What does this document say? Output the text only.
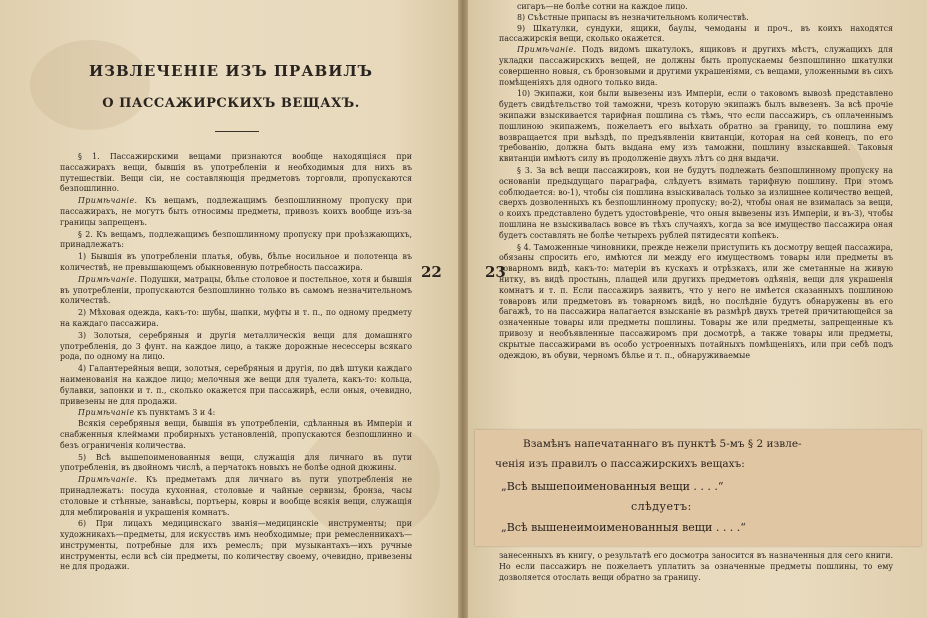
ИЗВЛЕЧЕНІЕ ИЗЪ ПРАВИЛЪ
О ПАССАЖИРСКИХЪ ВЕЩАХЪ.

§ 1. Пассажирскими вещами признаются вообще находящіяся при пассажирахъ вещи, бывшія въ употребленіи и необходимыя для нихъ въ путешествіи. Вещи сіи, не составляющія предметовъ торговли, пропускаются безпошлинно.

Примѣчаніе. Къ вещамъ, подлежащимъ безпошлинному пропуску при пассажирахъ, не могутъ быть относимы предметы, привозъ коихъ вообще изъ-за границы запрещенъ.

§ 2. Къ вещамъ, подлежащимъ безпошлинному пропуску при проѣзжающихъ, принадлежатъ:

1) Бывшія въ употребленіи платья, обувь, бѣлье носильное и полотенца въ количествѣ, не превышающемъ обыкновенную потребность пассажира.

Примѣчаніе. Подушки, матрацы, бѣлье столовое и постельное, хотя и бывшія въ употребленіи, пропускаются безпошлинно только въ самомъ незначительномъ количествѣ.

2) Мѣховая одежда, какъ-то: шубы, шапки, муфты и т. п., по одному предмету на каждаго пассажира.

3) Золотыя, серебряныя и другія металлическія вещи для домашняго употребленія, до 3 фунт. на каждое лицо, а также дорожные несессеры всякаго рода, по одному на лицо.

4) Галантерейныя вещи, золотыя, серебряныя и другія, по двѣ штуки каждаго наименованія на каждое лицо; мелочныя же вещи для туалета, какъ-то: кольца, булавки, запонки и т. п., сколько окажется при пассажирѣ, если оныя, очевидно, привезены не для продажи.

Примѣчаніе къ пунктамъ 3 и 4:

Всякія серебряныя вещи, бывшія въ употребленіи, сдѣланныя въ Имперіи и снабженныя клеймами пробирныхъ установленій, пропускаются безпошлинно и безъ ограниченія количества.

5) Всѣ вышепоименованныя вещи, служащія для личнаго въ пути употребленія, въ двойномъ числѣ, а перчатокъ новыхъ не болѣе одной дюжины.

Примѣчаніе. Къ предметамъ для личнаго въ пути употребленія не принадлежатъ: посуда кухонная, столовые и чайные сервизы, бронза, часы столовые и стѣнные, занавѣсы, портьеры, ковры и вообще всякія вещи, служащія для меблированія и украшенія комнатъ.

6) При лицахъ медицинскаго званія—медицинскіе инструменты; при художникахъ—предметы, для искусствъ имъ необходимые; при ремесленникахъ—инструменты, потребные для ихъ ремеслъ; при музыкантахъ—ихъ ручные инструменты, если всѣ сіи предметы, по количеству своему, очевидно, привезены не для продажи.

22	23

сигаръ—не болѣе сотни на каждое лицо.

8) Съѣстные припасы въ незначительномъ количествѣ.

9) Шкатулки, сундуки, ящики, баулы, чемоданы и проч., въ коихъ находятся пассажирскія вещи, сколько окажется.

Примѣчаніе. Подъ видомъ шкатулокъ, ящиковъ и другихъ мѣстъ, служащихъ для укладки пассажирскихъ вещей, не должны быть пропускаемы безпошлинно шкатулки совершенно новыя, съ бронзовыми и другими украшеніями, съ вещами, уложенными въ сихъ помѣщеніяхъ для одного только вида.

10) Экипажи, кои были вывезены изъ Имперіи, если о таковомъ вывозѣ представлено будетъ свидѣтельство той таможни, чрезъ которую экипажъ былъ вывезенъ. За всѣ прочіе экипажи взыскивается тарифная пошлина съ тѣмъ, что если пассажиръ, съ оплаченнымъ пошлиною экипажемъ, пожелаетъ его выѣхать обратно за границу, то пошлина ему возвращается при выѣздѣ, по предъявленіи квитанціи, которая на сей конецъ, по его требованію, должна быть выдана ему изъ таможни, пошлину взыскавшей. Таковыя квитанціи имѣютъ силу въ продолженіе двухъ лѣтъ со дня выдачи.

§ 3. За всѣ вещи пассажировъ, кои не будутъ подлежать безпошлинному пропуску на основаніи предыдущаго параграфа, слѣдуетъ взимать тарифную пошлину. При этомъ соблюдается: во-1), чтобы сія пошлина взыскивалась только за излишнее количество вещей, сверхъ дозволенныхъ къ безпошлинному пропуску; во-2), чтобы оная не взималась за вещи, о коихъ представлено будетъ удостовѣреніе, что оныя вывезены изъ Имперіи, и въ-3), чтобы пошлина не взыскивалась вовсе въ тѣхъ случаяхъ, когда за все имущество пассажира оная будетъ составлять не болѣе четырехъ рублей пятидесяти копѣекъ.

§ 4. Таможенные чиновники, прежде нежели приступить къ досмотру вещей пассажира, обязаны спросить его, имѣются ли между его имуществомъ товары или предметы въ товарномъ видѣ, какъ-то: матеріи въ кускахъ и отрѣзкахъ, или же сметанные на живую нитку, въ видѣ простынь, плащей или другихъ предметовъ одѣянія, вещи для украшенія комнатъ и т. п. Если пассажиръ заявитъ, что у него не имѣется сказанныхъ пошлиною товаровъ или предметовъ въ товарномъ видѣ, но послѣдніе будутъ обнаружены въ его багажѣ, то на пассажира налагается взысканіе въ размѣрѣ двухъ третей причитающейся за означенные товары или предметы пошлины. Товары же или предметы, запрещенные къ привозу и необъявленные пассажиромъ при досмотрѣ, а также товары или предметы, скрытые пассажирами въ особо устроенныхъ потайныхъ помѣщеніяхъ, или при себѣ подъ одеждою, въ обуви, черномъ бѣлье и т. п., обнаруживаемые

Взамѣнъ напечатаннаго въ пунктѣ 5-мъ § 2 извле-
ченія изъ правилъ о пассажирскихъ вещахъ:
„Всѣ вышепоименованныя вещи . . . .“
слѣдуетъ:
„Всѣ вышенеимоименованныя вещи . . . .“

занесенныхъ въ книгу, о результатѣ его досмотра заносится въ назначенныя для сего книги. Но если пассажиръ не пожелаетъ уплатить за означенные предметы пошлины, то ему дозволяется отослать вещи обратно за границу.
